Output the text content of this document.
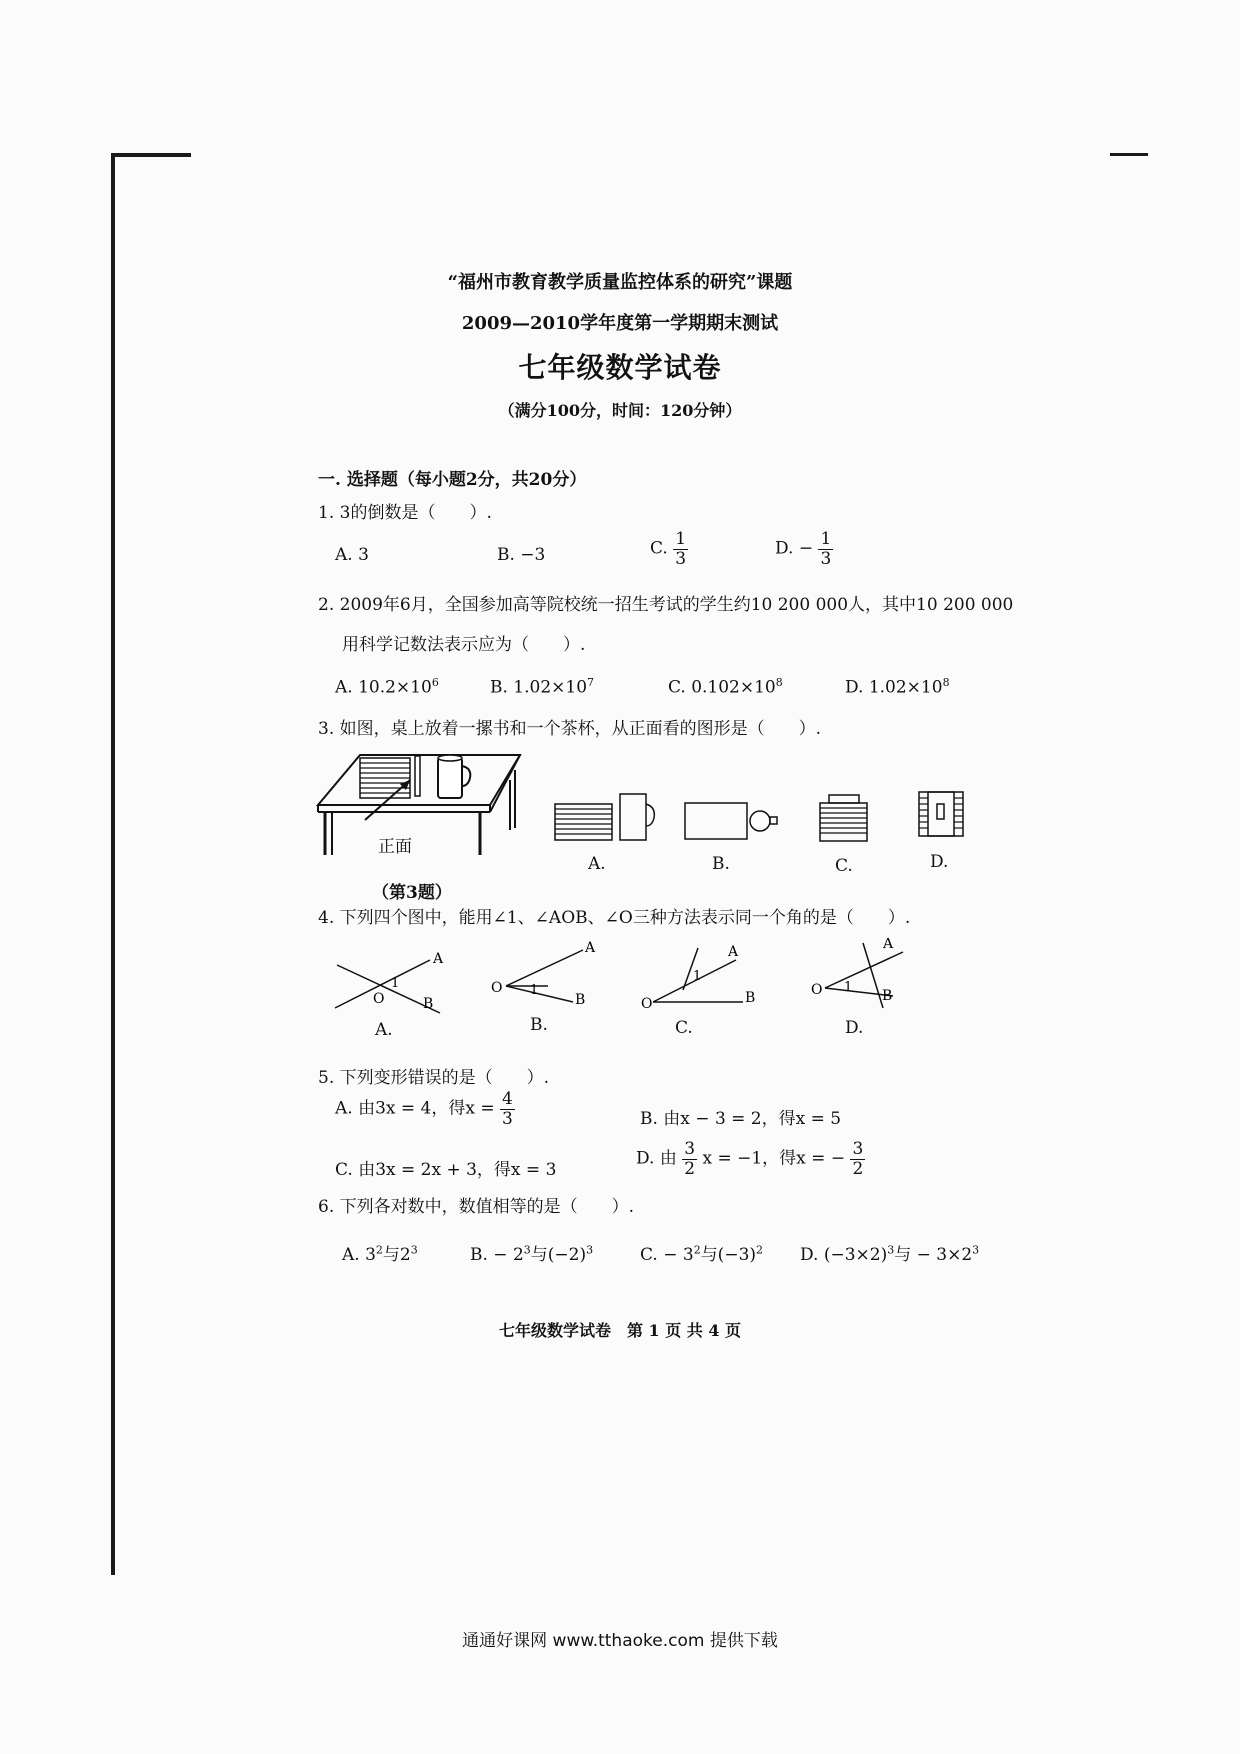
“福州市教育教学质量监控体系的研究”课题
2009—2010学年度第一学期期末测试
七年级数学试卷
（满分100分，时间：120分钟）
一. 选择题（每小题2分，共20分）
1. 3的倒数是（　　）.
A. 3	B. −3	C. $\frac{1}{3}$	D. − $\frac{1}{3}$
2. 2009年6月，全国参加高等院校统一招生考试的学生约10 200 000人，其中10 200 000
用科学记数法表示应为（　　）.
A. $10.2\times 10^6$	B. $1.02\times 10^7$	C. $0.102\times 10^8$	D. $1.02\times 10^8$
3. 如图，桌上放着一摞书和一个茶杯，从正面看的图形是（　　）.
正面
（第3题）
A.	B.	C.	D.
4. 下列四个图中，能用∠1、∠AOB、∠O三种方法表示同一个角的是（　　）.
A
B
O
1
A.
O
A
B
1
B.
O
A
B
1
C.
O
A
B
1
D.
5. 下列变形错误的是（　　）.
A. 由3x = 4，得$x = \frac{4}{3}$	B. 由x − 3 = 2，得x = 5
C. 由3x = 2x + 3，得x = 3
D. 由 $\frac{3}{2}$ x = −1，得x = − $\frac{3}{2}$
6. 下列各对数中，数值相等的是（　　）.
A. $3^2$与$2^3$	B. − $2^3$与$(-2)^3$	C. − $3^2$与$(-3)^2$ D. $(-3\times 2)^3$与 − $3\times 2^3$
七年级数学试卷　第 1 页 共 4 页
通通好课网 www.tthaoke.com 提供下载
